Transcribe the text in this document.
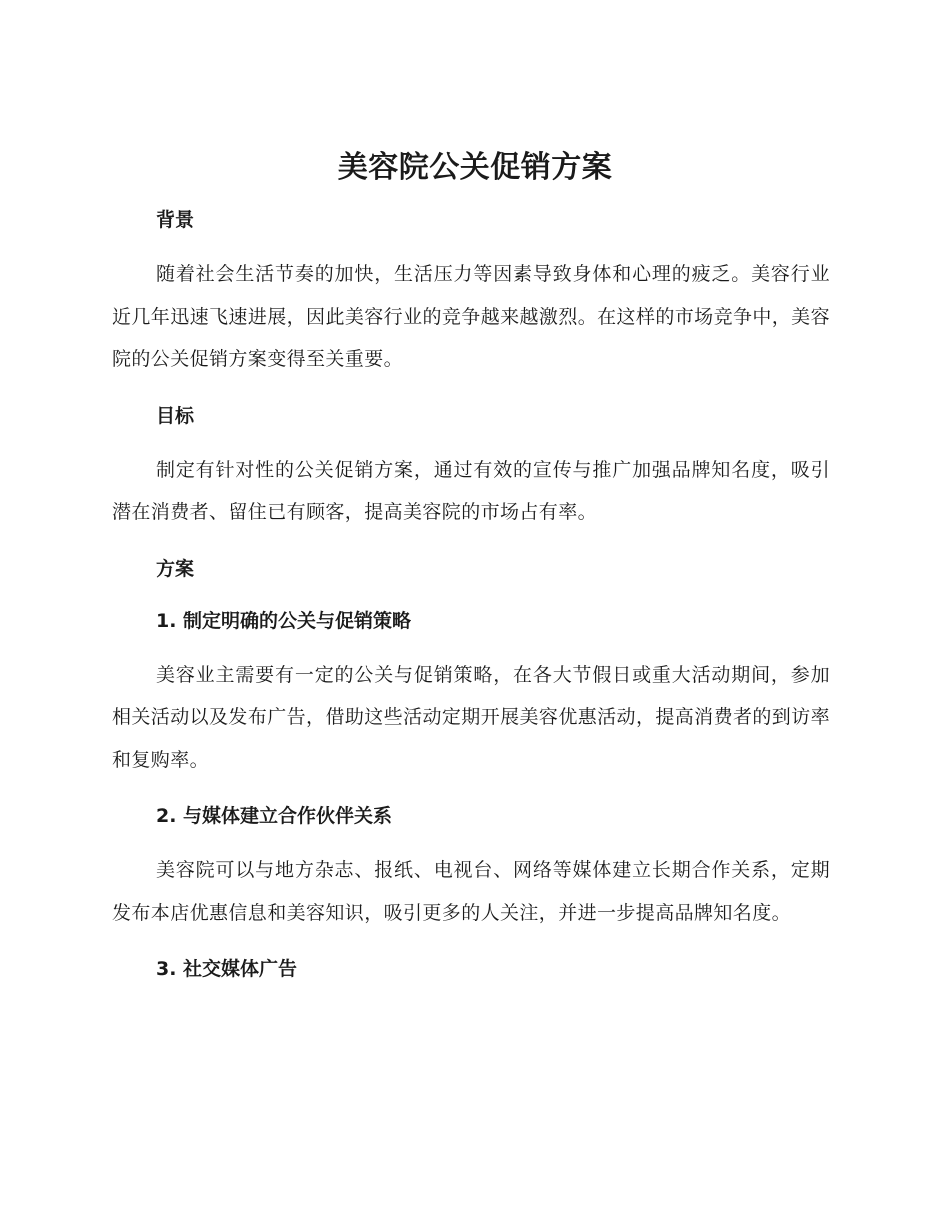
美容院公关促销方案
背景

随着社会生活节奏的加快，生活压力等因素导致身体和心理的疲乏。美容行业近几年迅速飞速进展，因此美容行业的竞争越来越激烈。在这样的市场竞争中，美容院的公关促销方案变得至关重要。

目标

制定有针对性的公关促销方案，通过有效的宣传与推广加强品牌知名度，吸引潜在消费者、留住已有顾客，提高美容院的市场占有率。

方案
1. 制定明确的公关与促销策略

美容业主需要有一定的公关与促销策略，在各大节假日或重大活动期间，参加相关活动以及发布广告，借助这些活动定期开展美容优惠活动，提高消费者的到访率和复购率。

2. 与媒体建立合作伙伴关系

美容院可以与地方杂志、报纸、电视台、网络等媒体建立长期合作关系，定期发布本店优惠信息和美容知识，吸引更多的人关注，并进一步提高品牌知名度。

3. 社交媒体广告
